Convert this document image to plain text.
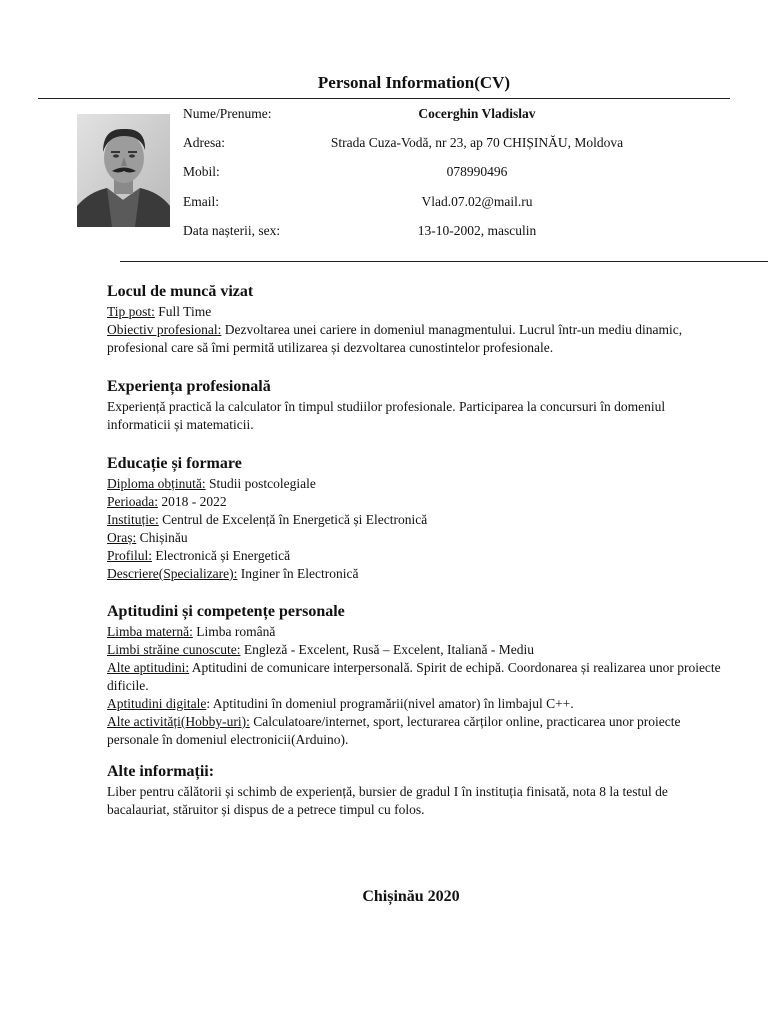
Personal Information(CV)
Nume/Prenume:	Cocerghin Vladislav
Adresa:	Strada Cuza-Vodă, nr 23, ap 70 CHIȘINĂU, Moldova
Mobil:	078990496
Email:	Vlad.07.02@mail.ru
Data nașterii, sex:	13-10-2002, masculin
Locul de muncă vizat

Tip post: Full Time

Obiectiv profesional: Dezvoltarea unei cariere in domeniul managmentului. Lucrul într-un mediu dinamic, profesional care să îmi permită utilizarea și dezvoltarea cunostintelor profesionale.

Experiența profesională

Experiență practică la calculator în timpul studiilor profesionale. Participarea la concursuri în domeniul informaticii și matematicii.

Educație și formare

Diploma obținută: Studii postcolegiale

Perioada: 2018 - 2022

Instituție: Centrul de Excelență în Energetică și Electronică

Oraș: Chișinău

Profilul: Electronică și Energetică

Descriere(Specializare): Inginer în Electronică

Aptitudini și competențe personale

Limba maternă: Limba română

Limbi străine cunoscute: Engleză - Excelent, Rusă – Excelent, Italiană - Mediu

Alte aptitudini: Aptitudini de comunicare interpersonală. Spirit de echipă. Coordonarea și realizarea unor proiecte dificile.

Aptitudini digitale: Aptitudini în domeniul programării(nivel amator) în limbajul C++.

Alte activități(Hobby-uri): Calculatoare/internet, sport, lecturarea cărților online, practicarea unor proiecte personale în domeniul electronicii(Arduino).

Alte informații:

Liber pentru călătorii și schimb de experiență, bursier de gradul I în instituția finisată, nota 8 la testul de bacalauriat, stăruitor și dispus de a petrece timpul cu folos.

Chișinău 2020
